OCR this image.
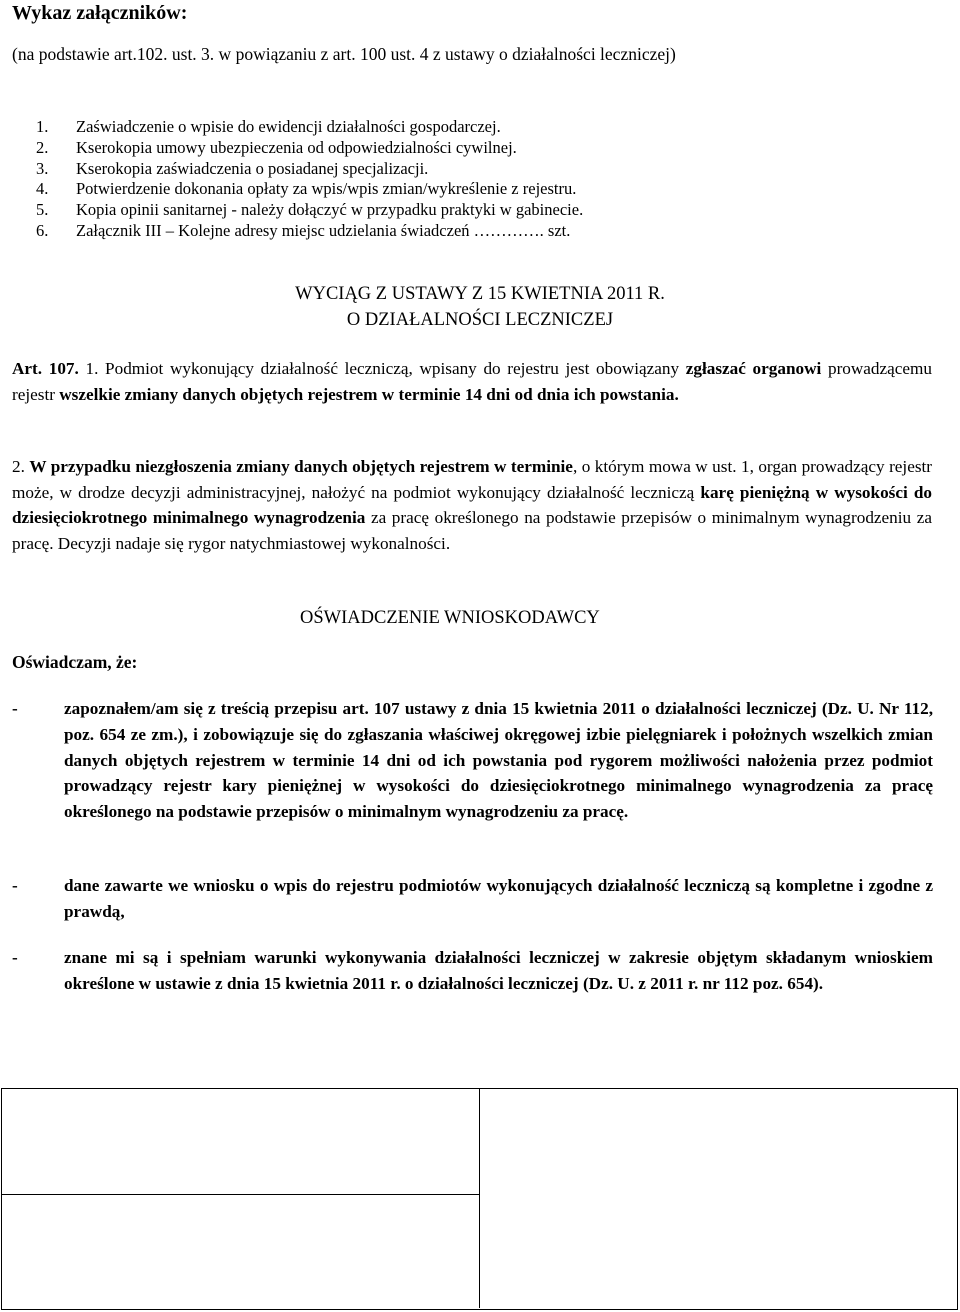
Wykaz załączników:
(na podstawie art.102. ust. 3. w powiązaniu z art. 100 ust. 4 z ustawy o działalności leczniczej)
1.	Zaświadczenie o wpisie do ewidencji działalności gospodarczej.
2.	Kserokopia umowy ubezpieczenia od odpowiedzialności cywilnej.
3.	Kserokopia zaświadczenia o posiadanej specjalizacji.
4.	Potwierdzenie dokonania opłaty za wpis/wpis zmian/wykreślenie z rejestru.
5.	Kopia opinii sanitarnej - należy dołączyć w przypadku praktyki w gabinecie.
6.	Załącznik III – Kolejne adresy miejsc udzielania świadczeń …………. szt.
WYCIĄG Z USTAWY Z 15 KWIETNIA 2011 R.
O DZIAŁALNOŚCI LECZNICZEJ
Art. 107. 1. Podmiot wykonujący działalność leczniczą, wpisany do rejestru jest obowiązany zgłaszać organowi prowadzącemu rejestr wszelkie zmiany danych objętych rejestrem w terminie 14 dni od dnia ich powstania.
2. W przypadku niezgłoszenia zmiany danych objętych rejestrem w terminie, o którym mowa w ust. 1, organ prowadzący rejestr może, w drodze decyzji administracyjnej, nałożyć na podmiot wykonujący działalność leczniczą karę pieniężną w wysokości do dziesięciokrotnego minimalnego wynagrodzenia za pracę określonego na podstawie przepisów o minimalnym wynagrodzeniu za pracę. Decyzji nadaje się rygor natychmiastowej wykonalności.
OŚWIADCZENIE WNIOSKODAWCY
Oświadczam, że:
-	zapoznałem/am się z treścią przepisu art. 107 ustawy z dnia 15 kwietnia 2011 o działalności leczniczej (Dz. U. Nr 112, poz. 654 ze zm.), i zobowiązuje się do zgłaszania właściwej okręgowej izbie pielęgniarek i położnych wszelkich zmian danych objętych rejestrem w terminie 14 dni od ich powstania pod rygorem możliwości nałożenia przez podmiot prowadzący rejestr kary pieniężnej w wysokości do dziesięciokrotnego minimalnego wynagrodzenia za pracę określonego na podstawie przepisów o minimalnym wynagrodzeniu za pracę.
-	dane zawarte we wniosku o wpis do rejestru podmiotów wykonujących działalność leczniczą są kompletne i zgodne z prawdą,
-	znane mi są i spełniam warunki wykonywania działalności leczniczej w zakresie objętym składanym wnioskiem określone w ustawie z dnia 15 kwietnia 2011 r. o działalności leczniczej (Dz. U. z 2011 r. nr 112 poz. 654).
